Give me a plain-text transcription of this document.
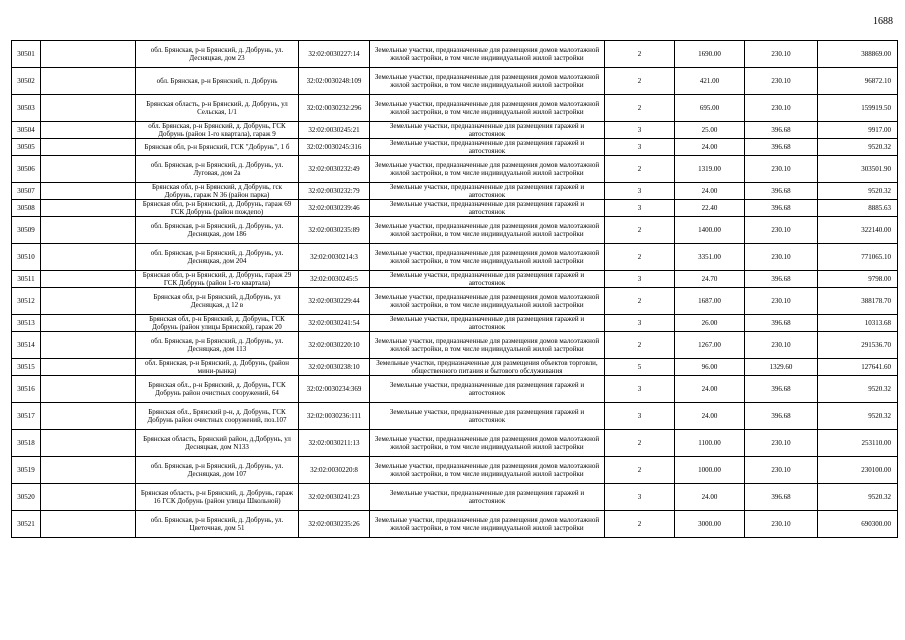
1688
30501		обл. Брянская, р-н Брянский, д. Добрунь, ул. Десняцкая, дом 23	32:02:0030227:14	Земельные участки, предназначенные для размещения домов малоэтажной жилой застройки, в том числе индивидуальной жилой застройки	2	1690.00	230.10	388869.00
30502		обл. Брянская, р-н Брянский, п. Добрунь	32:02:0030248:109	Земельные участки, предназначенные для размещения домов малоэтажной жилой застройки, в том числе индивидуальной жилой застройки	2	421.00	230.10	96872.10
30503		Брянская область, р-н Брянский, д. Добрунь, ул Сельская, 1/1	32:02:0030232:296	Земельные участки, предназначенные для размещения домов малоэтажной жилой застройки, в том числе индивидуальной жилой застройки	2	695.00	230.10	159919.50
30504		обл. Брянская, р-н Брянский, д. Добрунь, ГСК Добрунь (район 1-го квартала), гараж 9	32:02:0030245:21	Земельные участки, предназначенные для размещения гаражей и автостоянок	3	25.00	396.68	9917.00
30505		Брянская обл, р-н Брянский, ГСК "Добрунь", 1 б	32:02:0030245:316	Земельные участки, предназначенные для размещения гаражей и автостоянок	3	24.00	396.68	9520.32
30506		обл. Брянская, р-н Брянский, д. Добрунь, ул. Луговая, дом 2а	32:02:0030232:49	Земельные участки, предназначенные для размещения домов малоэтажной жилой застройки, в том числе индивидуальной жилой застройки	2	1319.00	230.10	303501.90
30507		Брянская обл, р-н Брянский, д Добрунь, гск Добрунь, гараж N 36 (район парка)	32:02:0030232:79	Земельные участки, предназначенные для размещения гаражей и автостоянок	3	24.00	396.68	9520.32
30508		Брянская обл, р-н Брянский, д. Добрунь, гараж 69 ГСК Добрунь (район пождепо)	32:02:0030239:46	Земельные участки, предназначенные для размещения гаражей и автостоянок	3	22.40	396.68	8885.63
30509		обл. Брянская, р-н Брянский, д. Добрунь, ул. Десняцкая, дом 186	32:02:0030235:89	Земельные участки, предназначенные для размещения домов малоэтажной жилой застройки, в том числе индивидуальной жилой застройки	2	1400.00	230.10	322140.00
30510		обл. Брянская, р-н Брянский, д. Добрунь, ул. Десняцкая, дом 204	32:02:0030214:3	Земельные участки, предназначенные для размещения домов малоэтажной жилой застройки, в том числе индивидуальной жилой застройки	2	3351.00	230.10	771065.10
30511		Брянская обл, р-н Брянский, д. Добрунь, гараж 29 ГСК Добрунь (район 1-го квартала)	32:02:0030245:5	Земельные участки, предназначенные для размещения гаражей и автостоянок	3	24.70	396.68	9798.00
30512		Брянская обл, р-н Брянский, д.Добрунь, ул Десняцкая, д 12 в	32:02:0030229:44	Земельные участки, предназначенные для размещения домов малоэтажной жилой застройки, в том числе индивидуальной жилой застройки	2	1687.00	230.10	388178.70
30513		Брянская обл, р-н Брянский, д. Добрунь, ГСК Добрунь (район улицы Брянской), гараж 20	32:02:0030241:54	Земельные участки, предназначенные для размещения гаражей и автостоянок	3	26.00	396.68	10313.68
30514		обл. Брянская, р-н Брянский, д. Добрунь, ул. Десняцкая, дом 113	32:02:0030220:10	Земельные участки, предназначенные для размещения домов малоэтажной жилой застройки, в том числе индивидуальной жилой застройки	2	1267.00	230.10	291536.70
30515		обл. Брянская, р-н Брянский, д. Добрунь, (район мини-рынка)	32:02:0030238:10	Земельные участки, предназначенные для размещения объектов торговли, общественного питания и бытового обслуживания	5	96.00	1329.60	127641.60
30516		Брянская обл., р-н Брянский, д. Добрунь, ГСК Добрунь район очистных сооружений, 64	32:02:0030234:369	Земельные участки, предназначенные для размещения гаражей и автостоянок	3	24.00	396.68	9520.32
30517		Брянская обл., Брянский р-н, д. Добрунь, ГСК Добрунь район очистных сооружений, поз.107	32:02:0030236:111	Земельные участки, предназначенные для размещения гаражей и автостоянок	3	24.00	396.68	9520.32
30518		Брянская область, Брянский район, д.Добрунь, ул Десняцкая, дом N133	32:02:0030211:13	Земельные участки, предназначенные для размещения домов малоэтажной жилой застройки, в том числе индивидуальной жилой застройки	2	1100.00	230.10	253110.00
30519		обл. Брянская, р-н Брянский, д. Добрунь, ул. Десняцкая, дом 107	32:02:0030220:8	Земельные участки, предназначенные для размещения домов малоэтажной жилой застройки, в том числе индивидуальной жилой застройки	2	1000.00	230.10	230100.00
30520		Брянская область, р-н Брянский, д. Добрунь, гараж 16 ГСК Добрунь (район улицы Школьной)	32:02:0030241:23	Земельные участки, предназначенные для размещения гаражей и автостоянок	3	24.00	396.68	9520.32
30521		обл. Брянская, р-н Брянский, д. Добрунь, ул. Цветочная, дом 51	32:02:0030235:26	Земельные участки, предназначенные для размещения домов малоэтажной жилой застройки, в том числе индивидуальной жилой застройки	2	3000.00	230.10	690300.00
